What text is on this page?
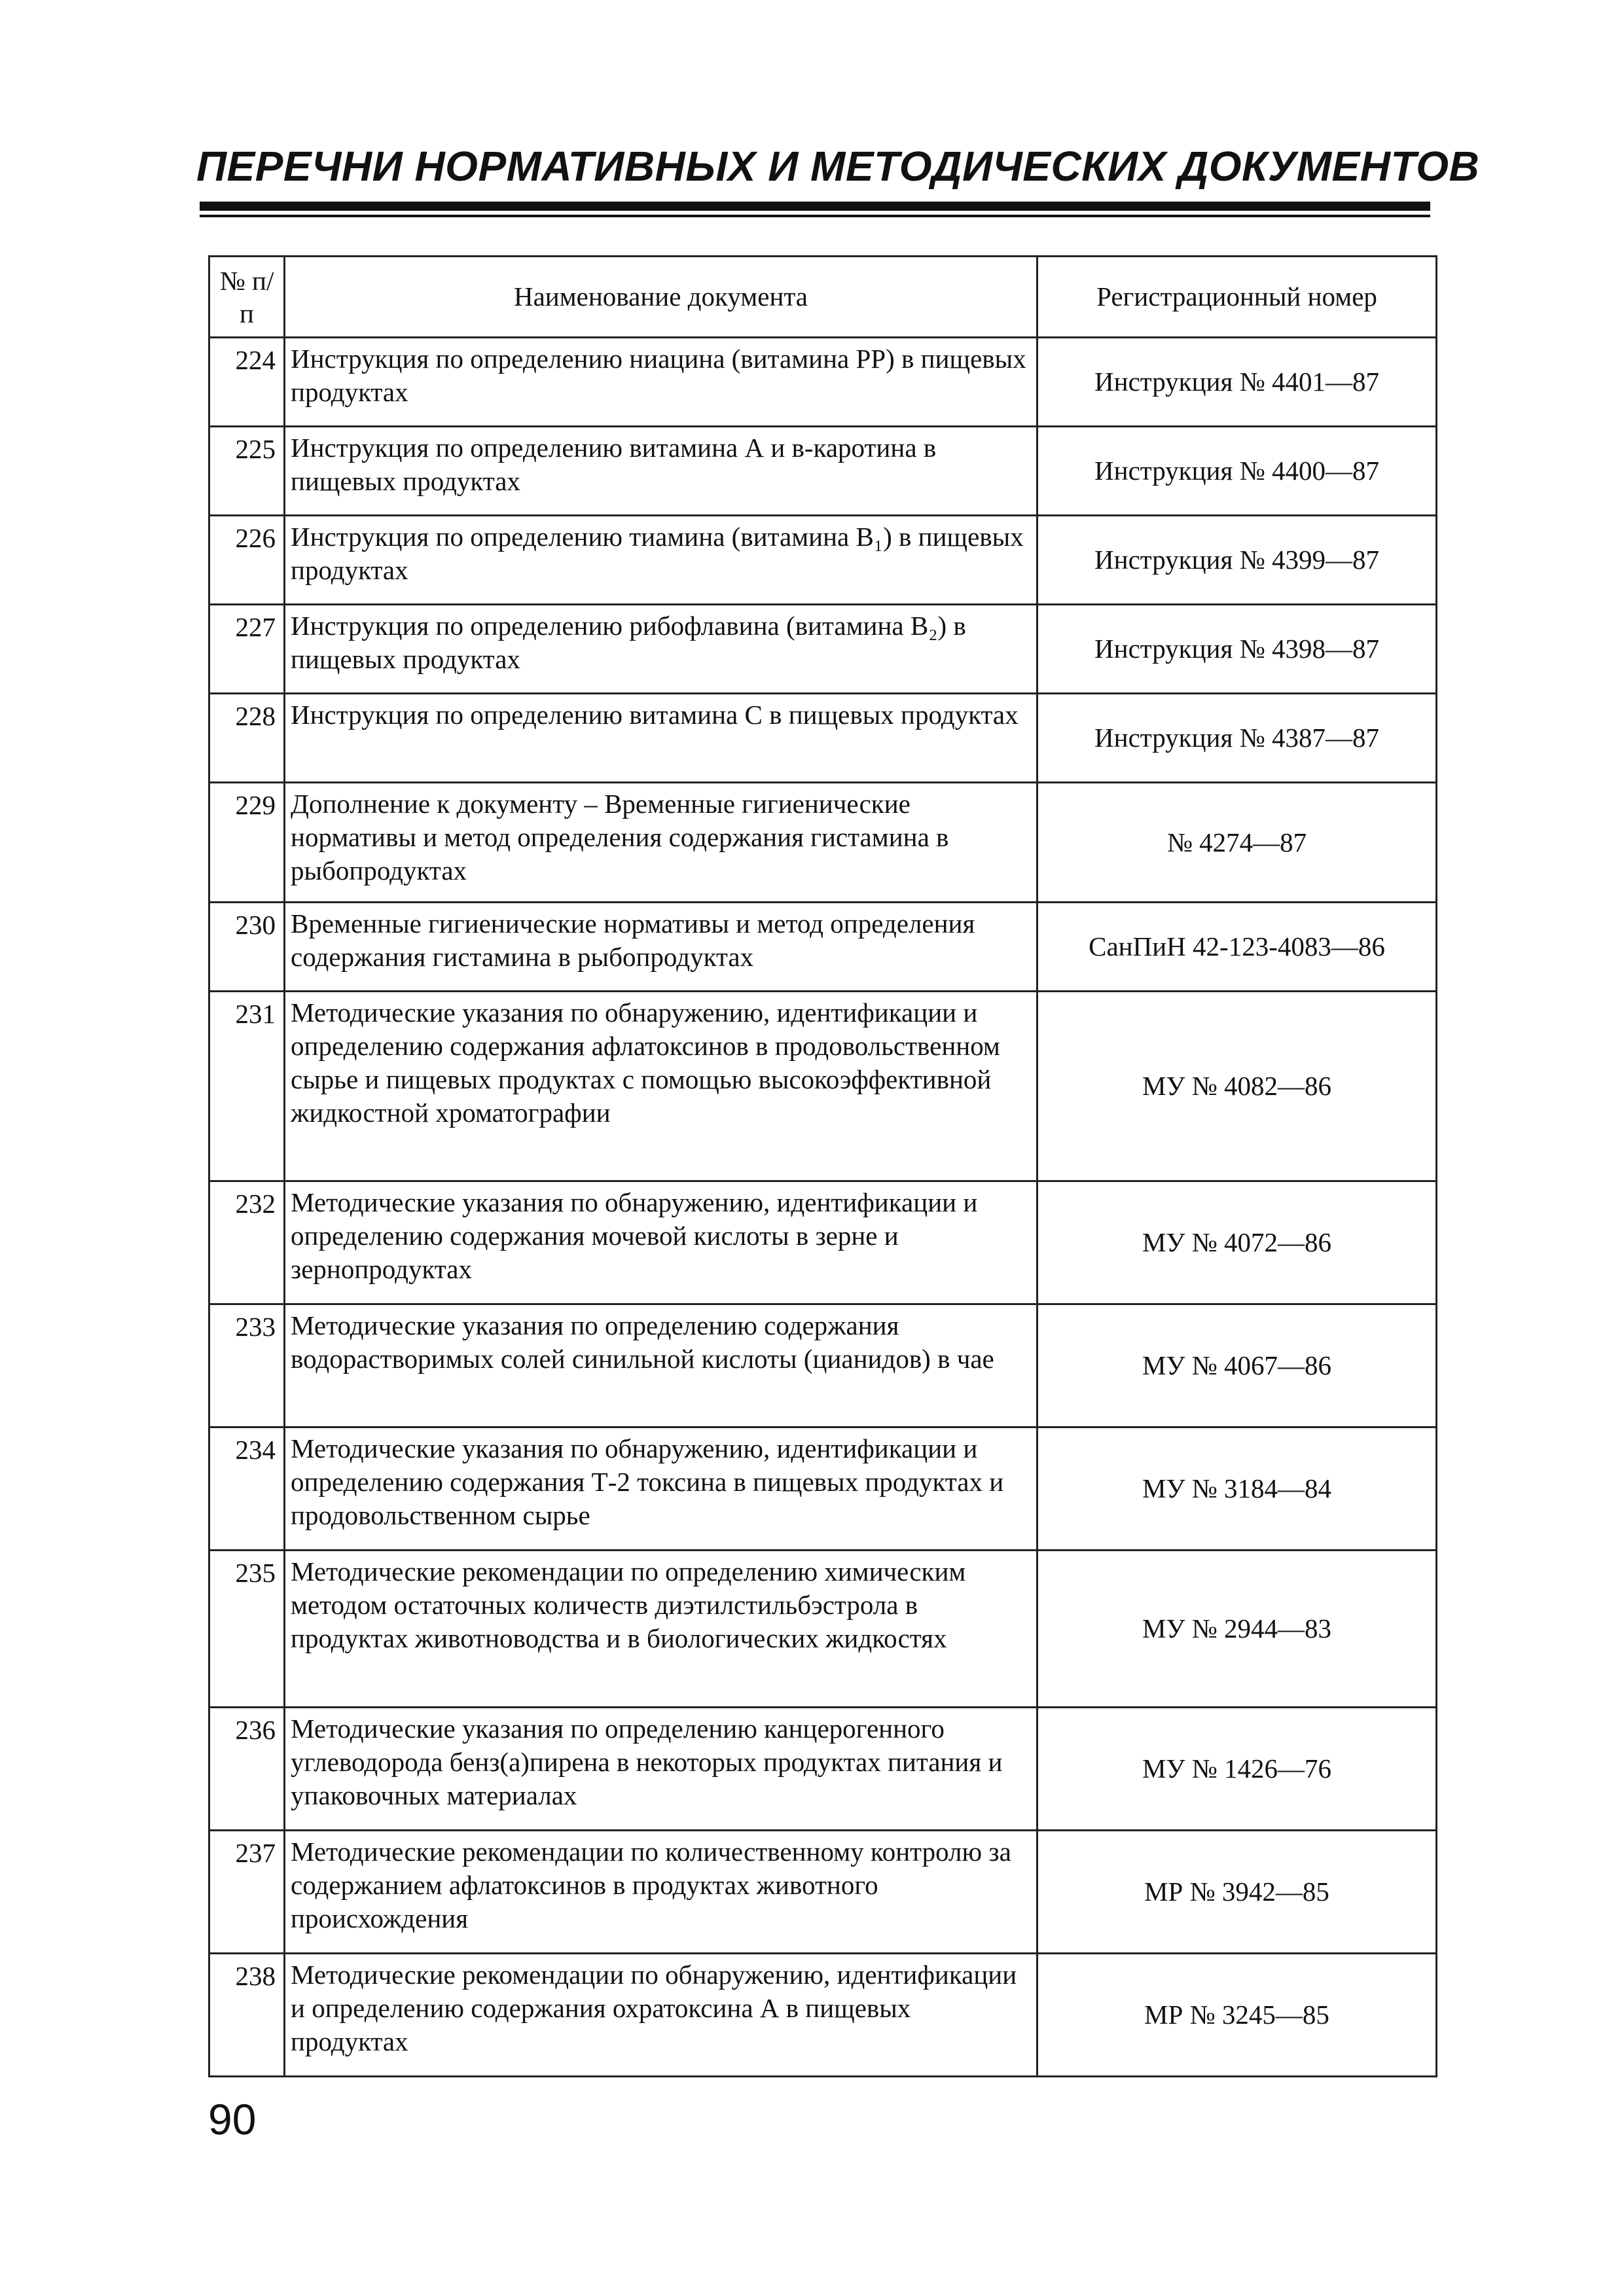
ПЕРЕЧНИ НОРМАТИВНЫХ И МЕТОДИЧЕСКИХ ДОКУМЕНТОВ
№ п/п	Наименование документа	Регистрационный номер
224	Инструкция по определению ниацина (витамина РР) в пищевых продуктах	Инструкция № 4401—87
225	Инструкция по определению витамина А и в-каротина в пищевых продуктах	Инструкция № 4400—87
226	Инструкция по определению тиамина (витамина B₁) в пищевых продуктах	Инструкция № 4399—87
227	Инструкция по определению рибофлавина (витамина B₂) в пищевых продуктах	Инструкция № 4398—87
228	Инструкция по определению витамина С в пищевых продуктах	Инструкция № 4387—87
229	Дополнение к документу – Временные гигиенические нормативы и метод определения содержания гистамина в рыбопродуктах	№ 4274—87
230	Временные гигиенические нормативы и метод определения содержания гистамина в рыбопродуктах	СанПиН 42-123-4083—86
231	Методические указания по обнаружению, идентификации и определению содержания афлатоксинов в продовольственном сырье и пищевых продуктах с помощью высокоэффективной жидкостной хроматографии	МУ № 4082—86
232	Методические указания по обнаружению, идентификации и определению содержания мочевой кислоты в зерне и зернопродуктах	МУ № 4072—86
233	Методические указания по определению содержания водорастворимых солей синильной кислоты (цианидов) в чае	МУ № 4067—86
234	Методические указания по обнаружению, идентификации и определению содержания Т-2 токсина в пищевых продуктах и продовольственном сырье	МУ № 3184—84
235	Методические рекомендации по определению химическим методом остаточных количеств диэтилстильбэстрола в продуктах животноводства и в биологических жидкостях	МУ № 2944—83
236	Методические указания по определению канцерогенного углеводорода бенз(а)пирена в некоторых продуктах питания и упаковочных материалах	МУ № 1426—76
237	Методические рекомендации по количественному контролю за содержанием афлатоксинов в продуктах животного происхождения	МР № 3942—85
238	Методические рекомендации по обнаружению, идентификации и определению содержания охратоксина А в пищевых продуктах	МР № 3245—85
90
